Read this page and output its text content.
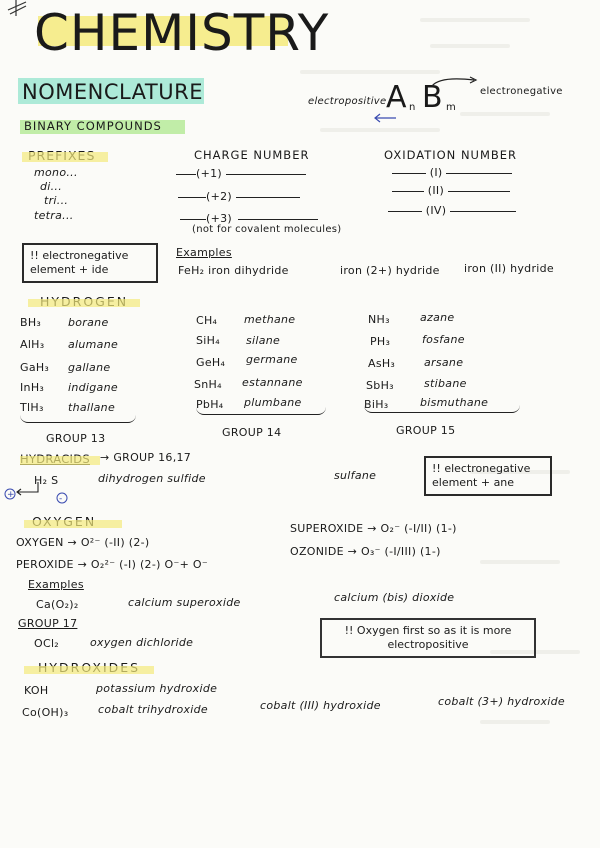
CHEMISTRY
NOMENCLATURE
BINARY COMPOUNDS
electropositive A n B m
electronegative
mono...
di...
tri...
tetra...
CHARGE NUMBER
(+1)
(+2)
(+3)
(not for covalent molecules)
OXIDATION NUMBER
(I)
(II)
(IV)
!! electronegative element + ide
Examples
FeH₂ iron dihydride	iron (2+) hydride iron (II) hydride
BH₃ borane
AlH₃ alumane
GaH₃ gallane
InH₃ indigane
TlH₃ thallane
GROUP 13
CH₄ methane
SiH₄ silane
GeH₄ germane
SnH₄ estannane
PbH₄ plumbane
GROUP 14
NH₃	azane
PH₃	fosfane
AsH₃	arsane
SbH₃	stibane
BiH₃	bismuthane
GROUP 15
→ GROUP 16,17
H₂ S	dihydrogen sulfide	sulfane
+	-
!! electronegative element + ane
OXYGEN → O²⁻ (-II) (2-)
PEROXIDE → O₂²⁻ (-I) (2-) O⁻+ O⁻
SUPEROXIDE → O₂⁻ (-I/II) (1-)
OZONIDE → O₃⁻ (-I/III) (1-)
Examples
Ca(O₂)₂	calcium superoxide	calcium (bis) dioxide
GROUP 17
OCl₂	oxygen dichloride
!! Oxygen first so as it is more electropositive
KOH	potassium hydroxide
Co(OH)₃	cobalt trihydroxide	cobalt (III) hydroxide	cobalt (3+) hydroxide
